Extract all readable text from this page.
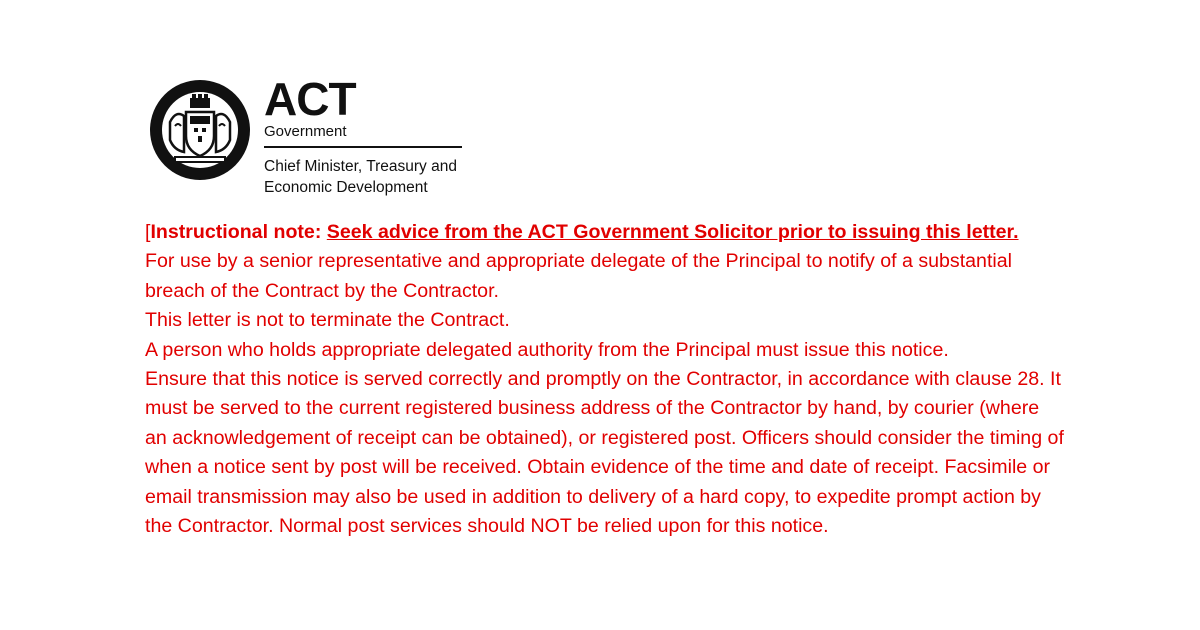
ACT
Government
Chief Minister, Treasury and
Economic Development

[Instructional note: Seek advice from the ACT Government Solicitor prior to issuing this letter.

For use by a senior representative and appropriate delegate of the Principal to notify of a substantial breach of the Contract by the Contractor.

This letter is not to terminate the Contract.

A person who holds appropriate delegated authority from the Principal must issue this notice.

Ensure that this notice is served correctly and promptly on the Contractor, in accordance with clause 28. It must be served to the current registered business address of the Contractor by hand, by courier (where an acknowledgement of receipt can be obtained), or registered post. Officers should consider the timing of when a notice sent by post will be received. Obtain evidence of the time and date of receipt. Facsimile or email transmission may also be used in addition to delivery of a hard copy, to expedite prompt action by the Contractor. Normal post services should NOT be relied upon for this notice.
